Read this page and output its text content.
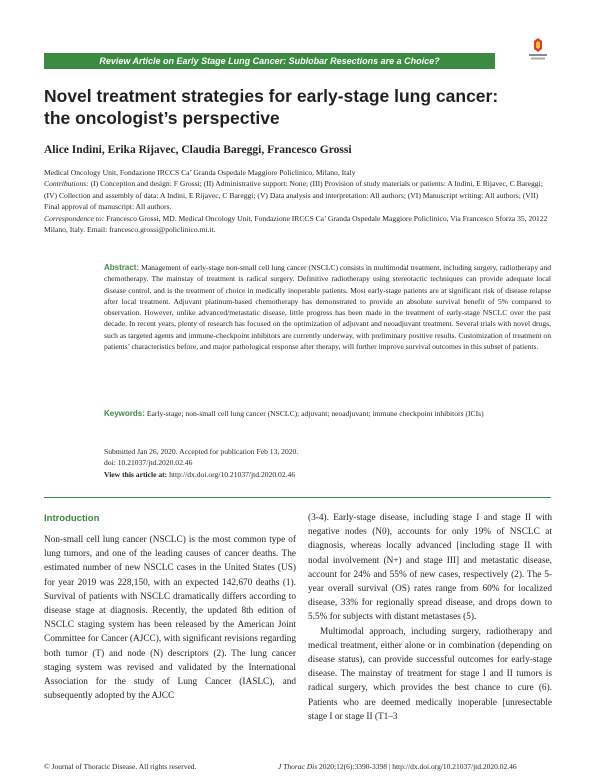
Review Article on Early Stage Lung Cancer: Sublobar Resections are a Choice?
Novel treatment strategies for early-stage lung cancer: the oncologist’s perspective
Alice Indini, Erika Rijavec, Claudia Bareggi, Francesco Grossi
Medical Oncology Unit, Fondazione IRCCS Ca’ Granda Ospedale Maggiore Policlinico, Milano, Italy
Contributions: (I) Conception and design: F Grossi; (II) Administrative support: None; (III) Provision of study materials or patients: A Indini, E Rijavec, C Bareggi; (IV) Collection and assembly of data: A Indini, E Rijavec, C Bareggi; (V) Data analysis and interpretation: All authors; (VI) Manuscript writing: All authors; (VII) Final approval of manuscript: All authors.
Correspondence to: Francesco Grossi, MD. Medical Oncology Unit, Fondazione IRCCS Ca’ Granda Ospedale Maggiore Policlinico, Via Francesco Sforza 35, 20122 Milano, Italy. Email: francesco.grossi@policlinico.mi.it.
Abstract: Management of early-stage non-small cell lung cancer (NSCLC) consists in multimodal treatment, including surgery, radiotherapy and chemotherapy. The mainstay of treatment is radical surgery. Definitive radiotherapy using stereotactic techniques can provide adequate local disease control, and is the treatment of choice in medically inoperable patients. Most early-stage patients are at significant risk of disease relapse after local treatment. Adjuvant platinum-based chemotherapy has demonstrated to provide an absolute survival benefit of 5% compared to observation. However, unlike advanced/metastatic disease, little progress has been made in the treatment of early-stage NSCLC over the past decade. In recent years, plenty of research has focused on the optimization of adjuvant and neoadjuvant treatment. Several trials with novel drugs, such as targeted agents and immune-checkpoint inhibitors are currently underway, with preliminary positive results. Customization of treatment on patients’ characteristics before, and major pathological response after therapy, will further improve survival outcomes in this subset of patients.
Keywords: Early-stage; non-small cell lung cancer (NSCLC); adjuvant; neoadjuvant; immune checkpoint inhibitors (ICIs)
Submitted Jan 26, 2020. Accepted for publication Feb 13, 2020.
doi: 10.21037/jtd.2020.02.46
View this article at: http://dx.doi.org/10.21037/jtd.2020.02.46
Introduction

Non-small cell lung cancer (NSCLC) is the most common type of lung tumors, and one of the leading causes of cancer deaths. The estimated number of new NSCLC cases in the United States (US) for year 2019 was 228,150, with an expected 142,670 deaths (1). Survival of patients with NSCLC dramatically differs according to disease stage at diagnosis. Recently, the updated 8th edition of NSCLC staging system has been released by the American Joint Committee for Cancer (AJCC), with significant revisions regarding both tumor (T) and node (N) descriptors (2). The lung cancer staging system was revised and validated by the International Association for the study of Lung Cancer (IASLC), and subsequently adopted by the AJCC

(3-4). Early-stage disease, including stage I and stage II with negative nodes (N0), accounts for only 19% of NSCLC at diagnosis, whereas locally advanced [including stage II with nodal involvement (N+) and stage III] and metastatic disease, account for 24% and 55% of new cases, respectively (2). The 5-year overall survival (OS) rates range from 60% for localized disease, 33% for regionally spread disease, and drops down to 5.5% for subjects with distant metastases (5).

Multimodal approach, including surgery, radiotherapy and medical treatment, either alone or in combination (depending on disease status), can provide successful outcomes for early-stage disease. The mainstay of treatment for stage I and II tumors is radical surgery, which provides the best chance to cure (6). Patients who are deemed medically inoperable [unresectable stage I or stage II (T1–3

© Journal of Thoracic Disease. All rights reserved.	J Thorac Dis 2020;12(6):3390-3398 | http://dx.doi.org/10.21037/jtd.2020.02.46
